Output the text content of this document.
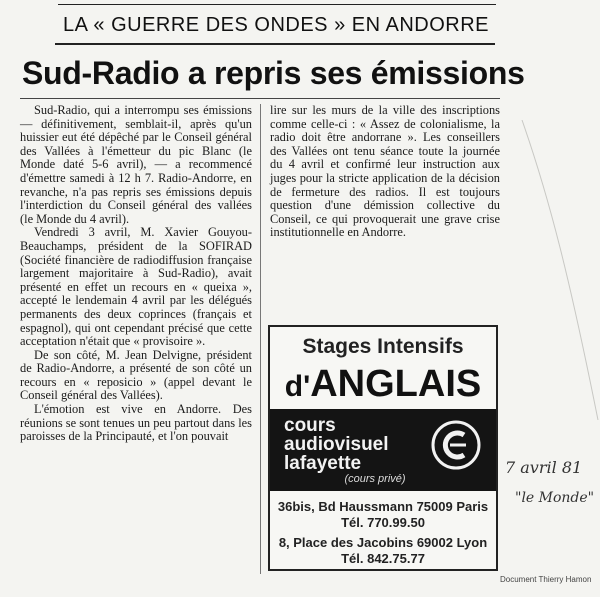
LA « GUERRE DES ONDES » EN ANDORRE
Sud-Radio a repris ses émissions

Sud-Radio, qui a interrompu ses émissions — définitivement, semblait-il, après qu'un huissier eut été dépêché par le Conseil général des Vallées à l'émetteur du pic Blanc (le Monde daté 5-6 avril), — a recommencé d'émettre samedi à 12 h 7. Radio-Andorre, en revanche, n'a pas repris ses émissions depuis l'interdiction du Conseil général des vallées (le Monde du 4 avril).

Vendredi 3 avril, M. Xavier Gouyou-Beauchamps, président de la SOFIRAD (Société financière de radiodiffusion française largement majoritaire à Sud-Radio), avait présenté en effet un recours en « queixa », accepté le lendemain 4 avril par les délégués permanents des deux coprinces (français et espagnol), qui ont cependant précisé que cette acceptation n'était que « provisoire ».

De son côté, M. Jean Delvigne, président de Radio-Andorre, a présenté de son côté un recours en « reposicio » (appel devant le Conseil général des Vallées).

L'émotion est vive en Andorre. Des réunions se sont tenues un peu partout dans les paroisses de la Principauté, et l'on pouvait

lire sur les murs de la ville des inscriptions comme celle-ci : « Assez de colonialisme, la radio doit être andorrane ». Les conseillers des Vallées ont tenu séance toute la journée du 4 avril et confirmé leur instruction aux juges pour la stricte application de la décision de fermeture des radios. Il est toujours question d'une démission collective du Conseil, ce qui provoquerait une grave crise institutionnelle en Andorre.

Stages Intensifs
d'ANGLAIS
cours
audiovisuel
lafayette
(cours privé)
36bis, Bd Haussmann 75009 Paris
Tél. 770.99.50
8, Place des Jacobins 69002 Lyon
Tél. 842.75.77
7 avril 81
"le Monde"
Document Thierry Hamon
